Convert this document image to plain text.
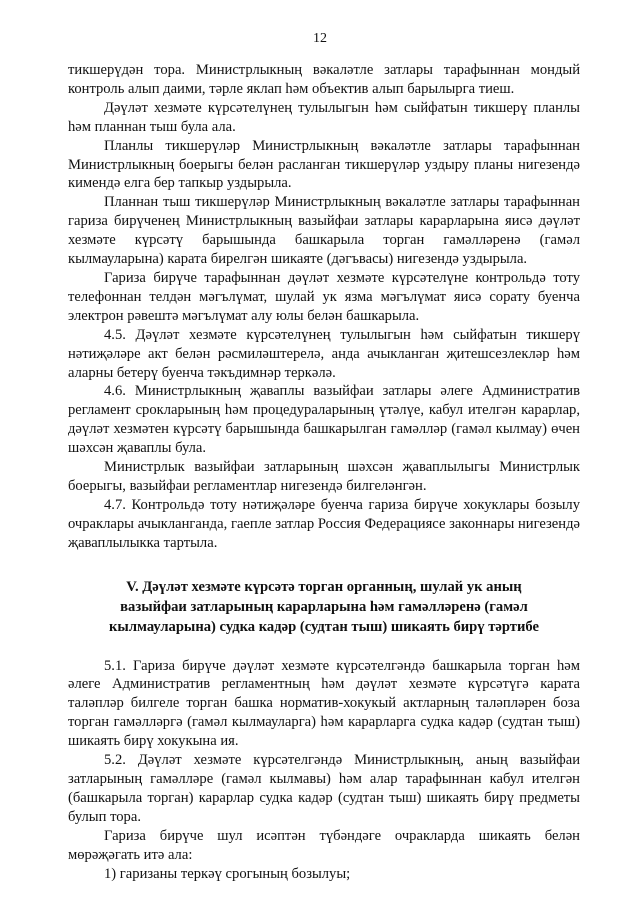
12

тикшерүдән тора. Министрлыкның вәкаләтле затлары тарафыннан мондый контроль алып даими, тәрле яклап һәм объектив алып барылырга тиеш.

Дәүләт хезмәте күрсәтелүнең тулылыгын һәм сыйфатын тикшерү планлы һәм планнан тыш була ала.

Планлы тикшерүләр Министрлыкның вәкаләтле затлары тарафыннан Министрлыкның боерыгы белән расланган тикшерүләр уздыру планы нигезендә кимендә елга бер тапкыр уздырыла.

Планнан тыш тикшерүләр Министрлыкның вәкаләтле затлары тарафыннан гариза бирүченең Министрлыкның вазыйфаи затлары карарларына яисә дәүләт хезмәте күрсәтү барышында башкарыла торган гамәлләренә (гамәл кылмауларына) карата бирелгән шикаяте (дәгъвасы) нигезендә уздырыла.

Гариза бирүче тарафыннан дәүләт хезмәте күрсәтелүне контрольдә тоту телефоннан телдән мәгълүмат, шулай ук язма мәгълүмат яисә сорату буенча электрон рәвештә мәгълүмат алу юлы белән башкарыла.

4.5. Дәүләт хезмәте күрсәтелүнең тулылыгын һәм сыйфатын тикшерү нәтиҗәләре акт белән рәсмиләштерелә, анда ачыкланган җитешсезлекләр һәм аларны бетерү буенча тәкъдимнәр теркәлә.

4.6. Министрлыкның җаваплы вазыйфаи затлары әлеге Административ регламент срокларының һәм процедураларының үтәлүе, кабул ителгән карарлар, дәүләт хезмәтен күрсәтү барышында башкарылган гамәлләр (гамәл кылмау) өчен шәхсән җаваплы була.

Министрлык вазыйфаи затларының шәхсән җаваплылыгы Министрлык боерыгы, вазыйфаи регламентлар нигезендә билгеләнгән.

4.7. Контрольдә тоту нәтиҗәләре буенча гариза бирүче хокуклары бозылу очраклары ачыкланганда, гаепле затлар Россия Федерациясе законнары нигезендә җаваплылыкка тартыла.

V. Дәүләт хезмәте күрсәтә торган органның, шулай ук аның
вазыйфаи затларының карарларына һәм гамәлләренә (гамәл
кылмауларына) судка кадәр (судтан тыш) шикаять бирү тәртибе

5.1. Гариза бирүче дәүләт хезмәте күрсәтелгәндә башкарыла торган һәм әлеге Административ регламентның һәм дәүләт хезмәте күрсәтүгә карата таләпләр билгеле торган башка норматив-хокукый актларның таләпләрен боза торган гамәлләргә (гамәл кылмауларга) һәм карарларга судка кадәр (судтан тыш) шикаять бирү хокукына ия.

5.2. Дәүләт хезмәте күрсәтелгәндә Министрлыкның, аның вазыйфаи затларының гамәлләре (гамәл кылмавы) һәм алар тарафыннан кабул ителгән (башкарыла торган) карарлар судка кадәр (судтан тыш) шикаять бирү предметы булып тора.

Гариза бирүче шул исәптән түбәндәге очракларда шикаять белән мөрәҗәгать итә ала:

1) гаризаны теркәү срогының бозылуы;
